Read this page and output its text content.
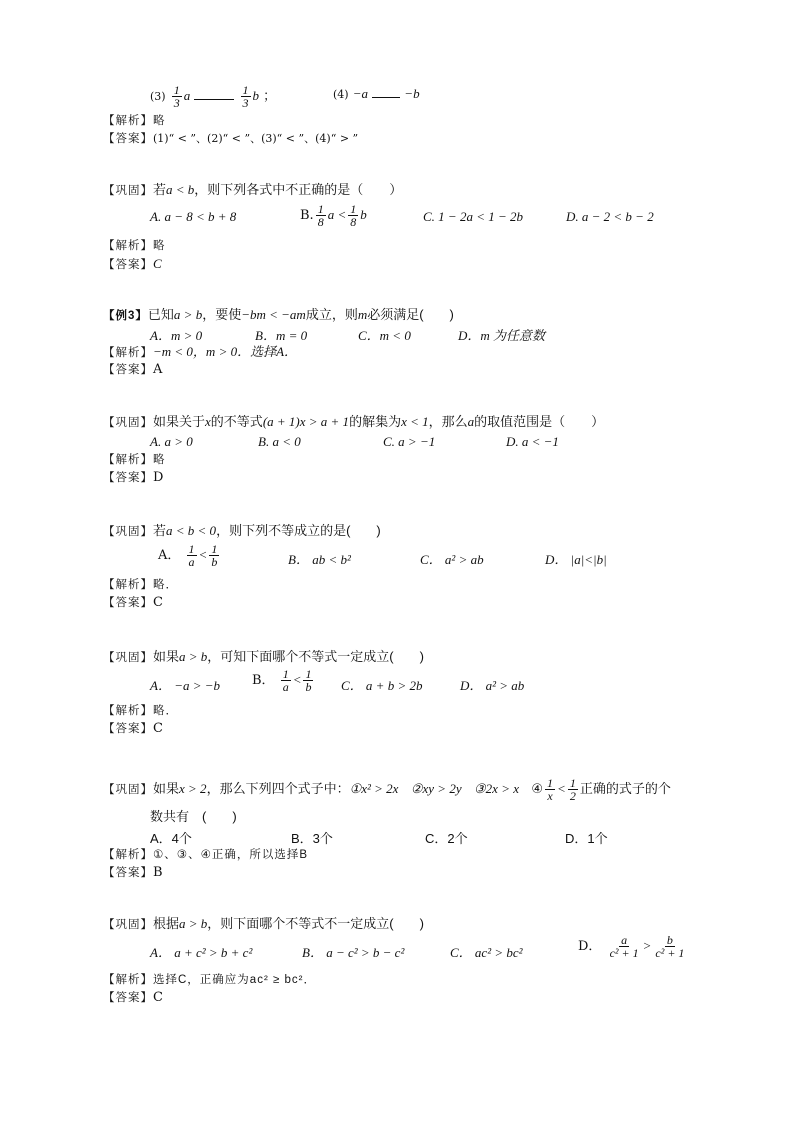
$(3) \frac{1}{3}$ a	$\frac{1}{3}$ b ；	(4) −a	−b
【解析】略
【答案】(1)“ < ”、(2)“ < ”、(3)“ < ”、(4)“ > ”
【巩固】若a < b，则下列各式中不正确的是（　　）
A. a − 8 < b + 8	B. $\frac{1}{8}$ $a < \frac{1}{8}$ b	C. 1 − 2a < 1 − 2b	D. a − 2 < b − 2
【解析】略
【答案】C
【例3】已知a > b，要使−bm < −am成立，则m必须满足(　　)
A．m > 0	B．m = 0	C．m < 0	D．m 为任意数
【解析】−m < 0，m > 0．选择A．
【答案】A
【巩固】如果关于x的不等式(a + 1)x > a + 1的解集为x < 1，那么a的取值范围是（　　）
A. a > 0	B. a < 0	C. a > −1	D. a < −1
【解析】略
【答案】D
【巩固】若a < b < 0，则下列不等成立的是(　　)
A． $\frac{1}{a} < \frac{1}{b}$	B． ab < b²	C． a² > ab	D． |a|<|b|
【解析】略．
【答案】C
【巩固】如果a > b，可知下面哪个不等式一定成立(　　)
A． −a > −b B． $\frac{1}{a} < \frac{1}{b}$ C． a + b > 2b	D． a² > ab
【解析】略．
【答案】C
【巩固】如果x > 2，那么下列四个式子中：①x² > 2x ②xy > 2y ③2x > x ④ $\frac{1}{x} < \frac{1}{2}$ 正确的式子的个
数共有　(　　)
A．4个	B．3个	C．2个	D．1个
【解析】①、③、④正确，所以选择B
【答案】B
【巩固】根据a > b，则下面哪个不等式不一定成立(　　)
A． a + c² > b + c²	B． a − c² > b − c²	C． ac² > bc²	D． $\frac{a}{\text{c² + 1}} > \frac{b}{\text{c² + 1}}$
【解析】选择C，正确应为ac² ≥ bc²．
【答案】C
